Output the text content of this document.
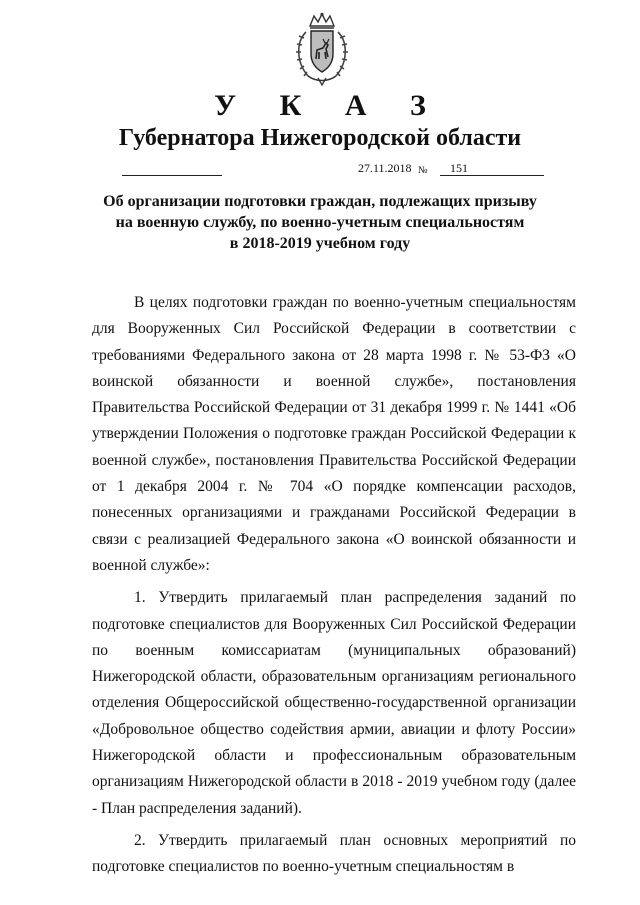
У К А З
Губернатора Нижегородской области
27.11.2018 № 151
Об организации подготовки граждан, подлежащих призыву
на военную службу, по военно-учетным специальностям
в 2018-2019 учебном году

В целях подготовки граждан по военно-учетным специальностям для Вооруженных Сил Российской Федерации в соответствии с требованиями Федерального закона от 28 марта 1998 г. № 53-ФЗ «О воинской обязанности и военной службе», постановления Правительства Российской Федерации от 31 декабря 1999 г. № 1441 «Об утверждении Положения о подготовке граждан Российской Федерации к военной службе», постановления Правительства Российской Федерации от 1 декабря 2004 г. № 704 «О порядке компенсации расходов, понесенных организациями и гражданами Российской Федерации в связи с реализацией Федерального закона «О воинской обязанности и военной службе»:

1. Утвердить прилагаемый план распределения заданий по подготовке специалистов для Вооруженных Сил Российской Федерации по военным комиссариатам (муниципальных образований) Нижегородской области, образовательным организациям регионального отделения Общероссийской общественно-государственной организации «Добровольное общество содействия армии, авиации и флоту России» Нижегородской области и профессиональным образовательным организациям Нижегородской области в 2018 - 2019 учебном году (далее - План распределения заданий).

2. Утвердить прилагаемый план основных мероприятий по подготовке специалистов по военно-учетным специальностям в
